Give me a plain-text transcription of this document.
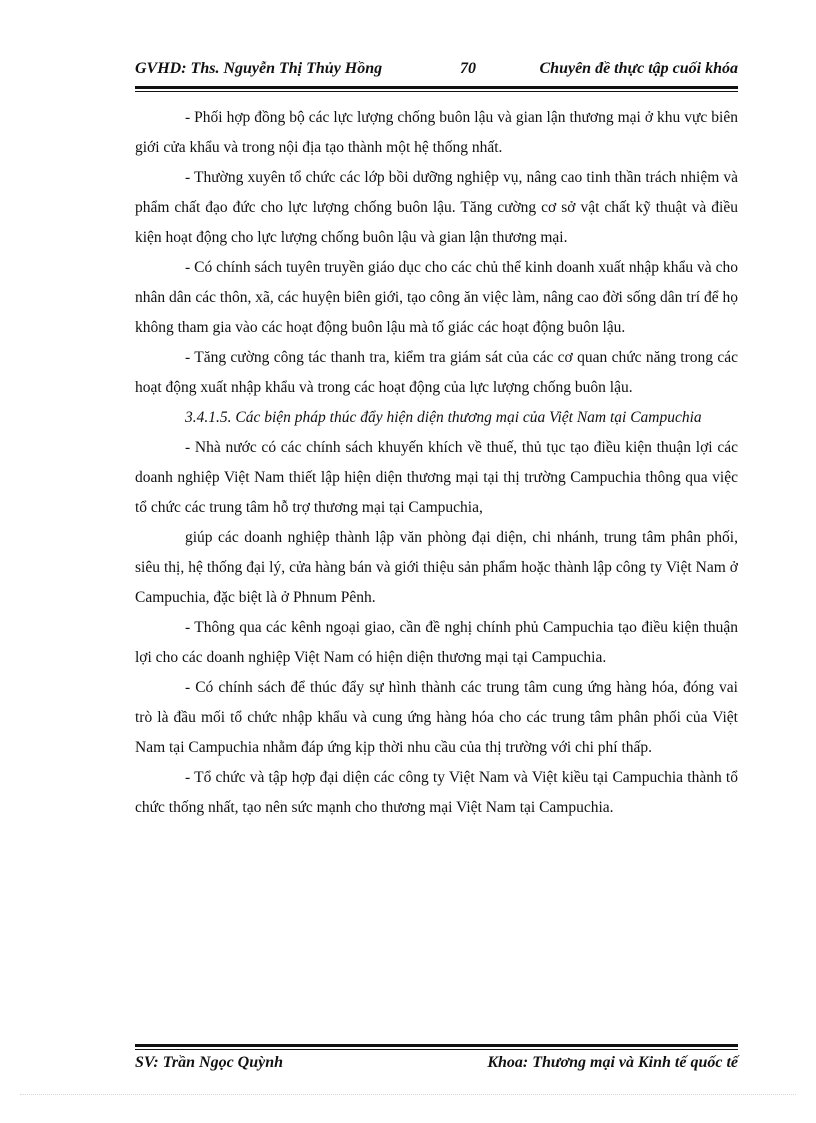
GVHD: Ths. Nguyễn Thị Thủy Hồng	70	Chuyên đề thực tập cuối khóa

- Phối hợp đồng bộ các lực lượng chống buôn lậu và gian lận thương mại ở khu vực biên giới cửa khẩu và trong nội địa tạo thành một hệ thống nhất.

- Thường xuyên tổ chức các lớp bồi dưỡng nghiệp vụ, nâng cao tinh thần trách nhiệm và phẩm chất đạo đức cho lực lượng chống buôn lậu. Tăng cường cơ sở vật chất kỹ thuật và điều kiện hoạt động cho lực lượng chống buôn lậu và gian lận thương mại.

- Có chính sách tuyên truyền giáo dục cho các chủ thể kinh doanh xuất nhập khẩu và cho nhân dân các thôn, xã, các huyện biên giới, tạo công ăn việc làm, nâng cao đời sống dân trí để họ không tham gia vào các hoạt động buôn lậu mà tố giác các hoạt động buôn lậu.

- Tăng cường công tác thanh tra, kiểm tra giám sát của các cơ quan chức năng trong các hoạt động xuất nhập khẩu và trong các hoạt động của lực lượng chống buôn lậu.

3.4.1.5. Các biện pháp thúc đẩy hiện diện thương mại của Việt Nam tại Campuchia

- Nhà nước có các chính sách khuyến khích về thuế, thủ tục tạo điều kiện thuận lợi các doanh nghiệp Việt Nam thiết lập hiện diện thương mại tại thị trường Campuchia thông qua việc tổ chức các trung tâm hỗ trợ thương mại tại Campuchia,

giúp các doanh nghiệp thành lập văn phòng đại diện, chi nhánh, trung tâm phân phối, siêu thị, hệ thống đại lý, cửa hàng bán và giới thiệu sản phẩm hoặc thành lập công ty Việt Nam ở Campuchia, đặc biệt là ở Phnum Pênh.

- Thông qua các kênh ngoại giao, cần đề nghị chính phủ Campuchia tạo điều kiện thuận lợi cho các doanh nghiệp Việt Nam có hiện diện thương mại tại Campuchia.

- Có chính sách để thúc đẩy sự hình thành các trung tâm cung ứng hàng hóa, đóng vai trò là đầu mối tổ chức nhập khẩu và cung ứng hàng hóa cho các trung tâm phân phối của Việt Nam tại Campuchia nhằm đáp ứng kịp thời nhu cầu của thị trường với chi phí thấp.

- Tổ chức và tập hợp đại diện các công ty Việt Nam và Việt kiều tại Campuchia thành tổ chức thống nhất, tạo nên sức mạnh cho thương mại Việt Nam tại Campuchia.

SV: Trần Ngọc Quỳnh	Khoa: Thương mại và Kinh tế quốc tế
